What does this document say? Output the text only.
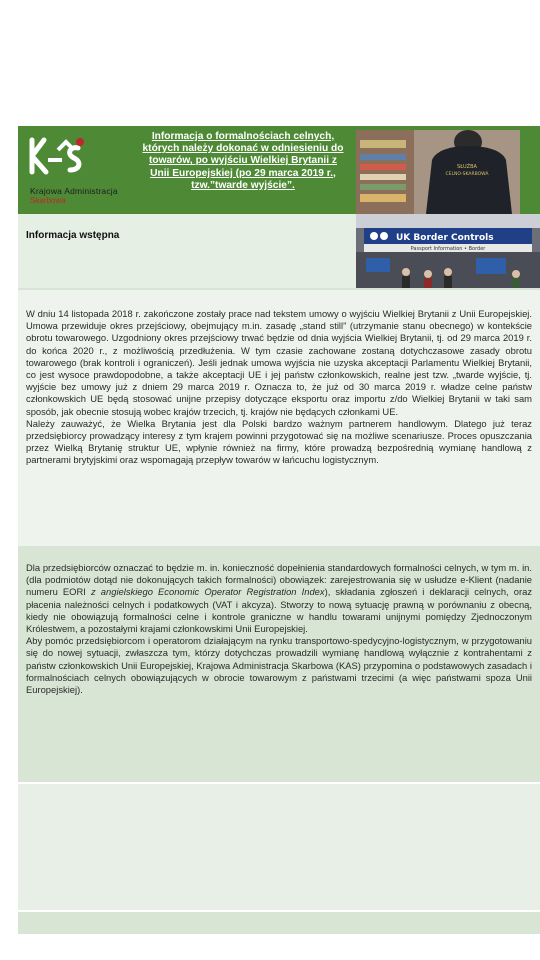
Krajowa Administracja
Skarbowa
Informacja o formalnościach celnych, których należy dokonać w odniesieniu do towarów, po wyjściu Wielkiej Brytanii z Unii Europejskiej (po 29 marca 2019 r., tzw.”twarde wyjście”.
SŁUŻBA
CELNO-SKARBOWA
Informacja wstępna	UK Border Controls
Passport Information • Border

W dniu 14 listopada 2018 r. zakończone zostały prace nad tekstem umowy o wyjściu Wielkiej Brytanii z Unii Europejskiej. Umowa przewiduje okres przejściowy, obejmujący m.in. zasadę „stand still” (utrzymanie stanu obecnego) w kontekście obrotu towarowego. Uzgodniony okres przejściowy trwać będzie od dnia wyjścia Wielkiej Brytanii, tj. od 29 marca 2019 r. do końca 2020 r., z możliwością przedłużenia. W tym czasie zachowane zostaną dotychczasowe zasady obrotu towarowego (brak kontroli i ograniczeń). Jeśli jednak umowa wyjścia nie uzyska akceptacji Parlamentu Wielkiej Brytanii, co jest wysoce prawdopodobne, a także akceptacji UE i jej państw członkowskich, realne jest tzw. „twarde wyjście, tj. wyjście bez umowy już z dniem 29 marca 2019 r. Oznacza to, że już od 30 marca 2019 r. władze celne państw członkowskich UE będą stosować unijne przepisy dotyczące eksportu oraz importu z/do Wielkiej Brytanii w taki sam sposób, jak obecnie stosują wobec krajów trzecich, tj. krajów nie będących członkami UE.

Należy zauważyć, że Wielka Brytania jest dla Polski bardzo ważnym partnerem handlowym. Dlatego już teraz przedsiębiorcy prowadzący interesy z tym krajem powinni przygotować się na możliwe scenariusze. Proces opuszczania przez Wielką Brytanię struktur UE, wpłynie również na firmy, które prowadzą bezpośrednią wymianę handlową z partnerami brytyjskimi oraz wspomagają przepływ towarów w łańcuchu logistycznym.

Dla przedsiębiorców oznaczać to będzie m. in. konieczność dopełnienia standardowych formalności celnych, w tym m. in. (dla podmiotów dotąd nie dokonujących takich formalności) obowiązek: zarejestrowania się w usłudze e-Klient (nadanie numeru EORI z angielskiego Economic Operator Registration Index), składania zgłoszeń i deklaracji celnych, oraz płacenia należności celnych i podatkowych (VAT i akcyza). Stworzy to nową sytuację prawną w porównaniu z obecną, kiedy nie obowiązują formalności celne i kontrole graniczne w handlu towarami unijnymi pomiędzy Zjednoczonym Królestwem, a pozostałymi krajami członkowskimi Unii Europejskiej.

Aby pomóc przedsiębiorcom i operatorom działającym na rynku transportowo-spedycyjno-logistycznym, w przygotowaniu się do nowej sytuacji, zwłaszcza tym, którzy dotychczas prowadzili wymianę handlową wyłącznie z kontrahentami z państw członkowskich Unii Europejskiej, Krajowa Administracja Skarbowa (KAS) przypomina o podstawowych zasadach i formalnościach celnych obowiązujących w obrocie towarowym z państwami trzecimi (a więc państwami spoza Unii Europejskiej).
